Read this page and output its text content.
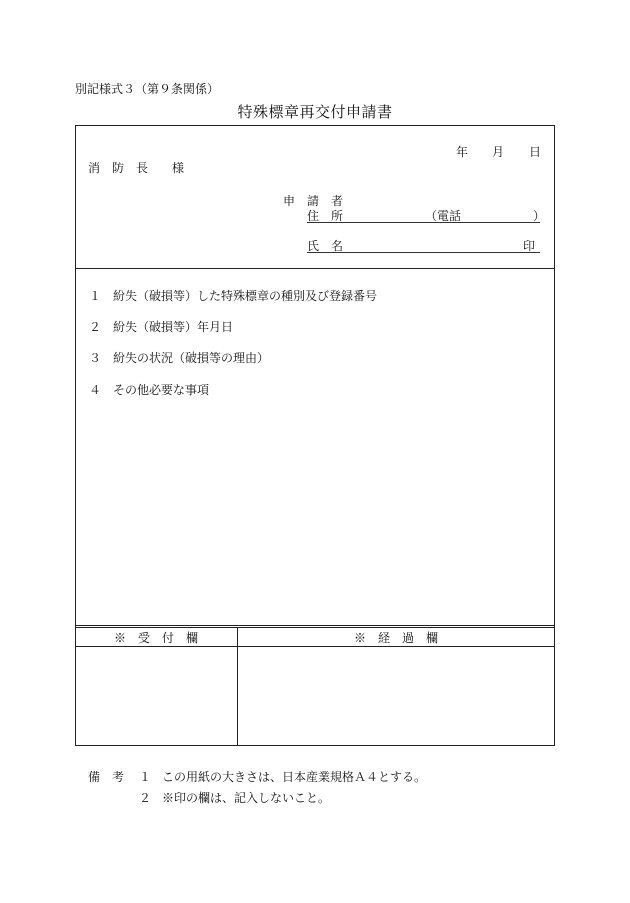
別記様式３（第９条関係）
特殊標章再交付申請書
年 月 日
消　防　長　　様
申　請　者
住　所	（電話	）
氏　名	印
１　紛失（破損等）した特殊標章の種別及び登録番号
２　紛失（破損等）年月日
３　紛失の状況（破損等の理由）
４　その他必要な事項
※　受　付　欄	※　経　過　欄
備　考 １ この用紙の大きさは、日本産業規格Ａ４とする。
２ ※印の欄は、記入しないこと。
